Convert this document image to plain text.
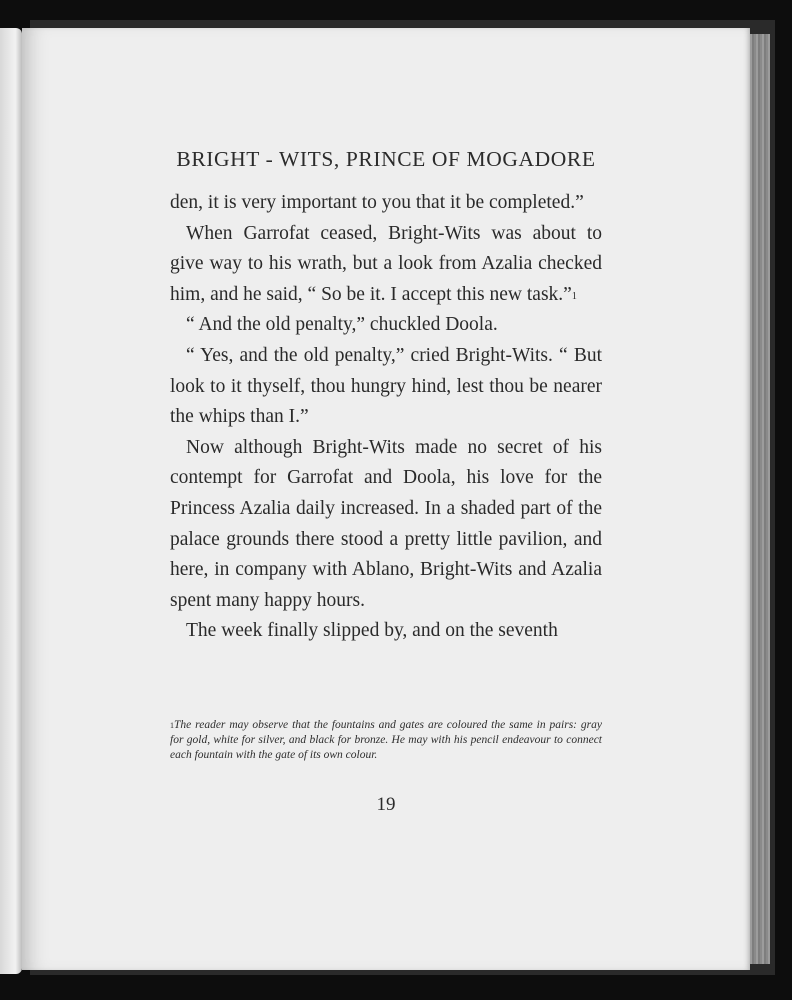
BRIGHT - WITS, PRINCE OF MOGADORE

den, it is very important to you that it be completed.”

When Garrofat ceased, Bright-Wits was about to give way to his wrath, but a look from Azalia checked him, and he said, “ So be it. I accept this new task.”$^1$

“ And the old penalty,” chuckled Doola.

“ Yes, and the old penalty,” cried Bright-Wits. “ But look to it thyself, thou hungry hind, lest thou be nearer the whips than I.”

Now although Bright-Wits made no secret of his contempt for Garrofat and Doola, his love for the Princess Azalia daily increased. In a shaded part of the palace grounds there stood a pretty little pavilion, and here, in company with Ablano, Bright-Wits and Azalia spent many happy hours.

The week finally slipped by, and on the seventh

$^1$The reader may observe that the fountains and gates are coloured the same in pairs: gray for gold, white for silver, and black for bronze. He may with his pencil endeavour to connect each fountain with the gate of its own colour.
19
